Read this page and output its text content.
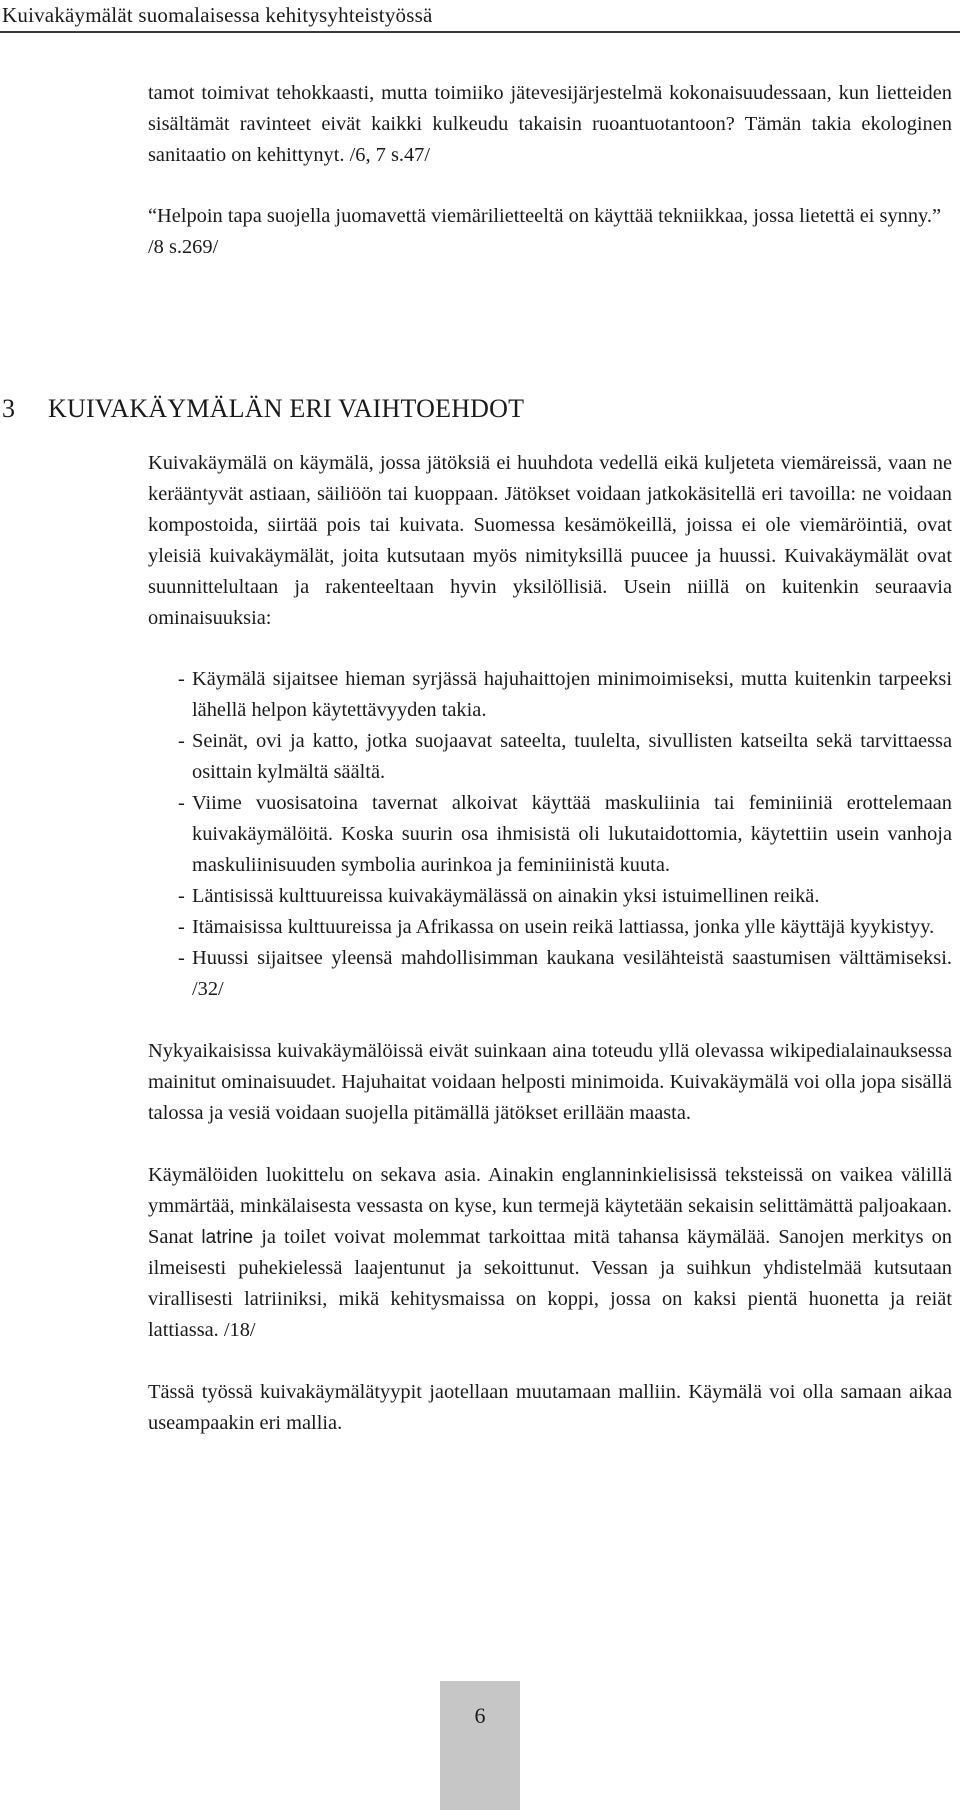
Kuivakäymälät suomalaisessa kehitysyhteistyössä

tamot toimivat tehokkaasti, mutta toimiiko jätevesijärjestelmä kokonaisuudessaan, kun lietteiden sisältämät ravinteet eivät kaikki kulkeudu takaisin ruoantuotantoon? Tämän takia ekologinen sanitaatio on kehittynyt. /6, 7 s.47/

“Helpoin tapa suojella juomavettä viemärilietteeltä on käyttää tekniikkaa, jossa lietettä ei synny.” /8 s.269/

3 KUIVAKÄYMÄLÄN ERI VAIHTOEHDOT

Kuivakäymälä on käymälä, jossa jätöksiä ei huuhdota vedellä eikä kuljeteta viemäreissä, vaan ne kerääntyvät astiaan, säiliöön tai kuoppaan. Jätökset voidaan jatkokäsitellä eri tavoilla: ne voidaan kompostoida, siirtää pois tai kuivata. Suomessa kesämökeillä, joissa ei ole viemäröintiä, ovat yleisiä kuivakäymälät, joita kutsutaan myös nimityksillä puucee ja huussi. Kuivakäymälät ovat suunnittelultaan ja rakenteeltaan hyvin yksilöllisiä. Usein niillä on kuitenkin seuraavia ominaisuuksia:

- Käymälä sijaitsee hieman syrjässä hajuhaittojen minimoimiseksi, mutta kuitenkin tarpeeksi lähellä helpon käytettävyyden takia.
- Seinät, ovi ja katto, jotka suojaavat sateelta, tuulelta, sivullisten katseilta sekä tarvittaessa osittain kylmältä säältä.
- Viime vuosisatoina tavernat alkoivat käyttää maskuliinia tai feminiiniä erottelemaan kuivakäymälöitä. Koska suurin osa ihmisistä oli lukutaidottomia, käytettiin usein vanhoja maskuliinisuuden symbolia aurinkoa ja feminiinistä kuuta.
- Läntisissä kulttuureissa kuivakäymälässä on ainakin yksi istuimellinen reikä.
- Itämaisissa kulttuureissa ja Afrikassa on usein reikä lattiassa, jonka ylle käyttäjä kyykistyy.
- Huussi sijaitsee yleensä mahdollisimman kaukana vesilähteistä saastumisen välttämiseksi. /32/

Nykyaikaisissa kuivakäymälöissä eivät suinkaan aina toteudu yllä olevassa wikipedialainauksessa mainitut ominaisuudet. Hajuhaitat voidaan helposti minimoida. Kuivakäymälä voi olla jopa sisällä talossa ja vesiä voidaan suojella pitämällä jätökset erillään maasta.

Käymälöiden luokittelu on sekava asia. Ainakin englanninkielisissä teksteissä on vaikea välillä ymmärtää, minkälaisesta vessasta on kyse, kun termejä käytetään sekaisin selittämättä paljoakaan. Sanat latrine ja toilet voivat molemmat tarkoittaa mitä tahansa käymälää. Sanojen merkitys on ilmeisesti puhekielessä laajentunut ja sekoittunut. Vessan ja suihkun yhdistelmää kutsutaan virallisesti latriiniksi, mikä kehitysmaissa on koppi, jossa on kaksi pientä huonetta ja reiät lattiassa. /18/

Tässä työssä kuivakäymälätyypit jaotellaan muutamaan malliin. Käymälä voi olla samaan aikaa useampaakin eri mallia.

6
